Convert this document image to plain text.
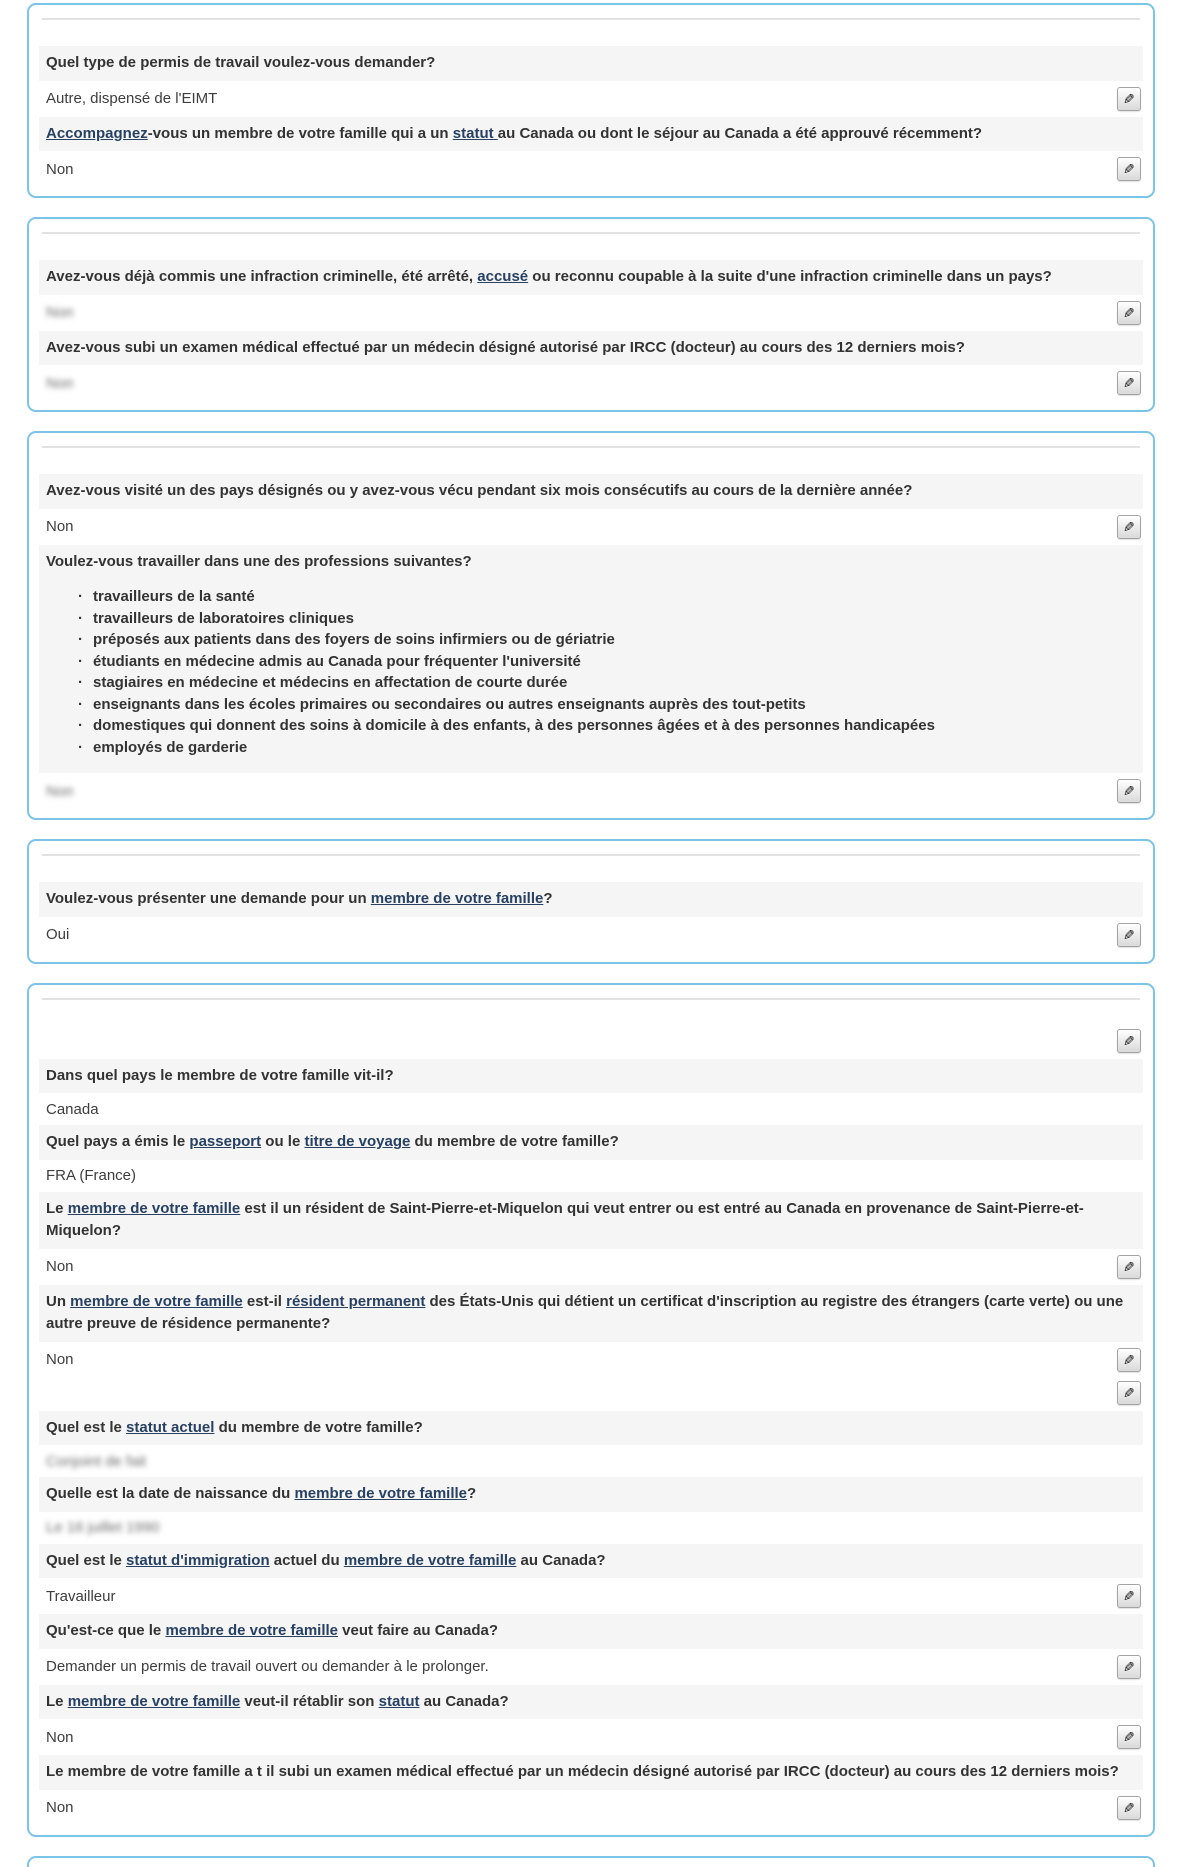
Quel type de permis de travail voulez-vous demander?
Autre, dispensé de l'EIMT	✎
Accompagnez-vous un membre de votre famille qui a un statut au Canada ou dont le séjour au Canada a été approuvé récemment?
Non	✎
Avez-vous déjà commis une infraction criminelle, été arrêté, accusé ou reconnu coupable à la suite d'une infraction criminelle dans un pays?
Non	✎
Avez-vous subi un examen médical effectué par un médecin désigné autorisé par IRCC (docteur) au cours des 12 derniers mois?
Non	✎
Avez-vous visité un des pays désignés ou y avez-vous vécu pendant six mois consécutifs au cours de la dernière année?
Non	✎
Voulez-vous travailler dans une des professions suivantes?
· travailleurs de la santé
· travailleurs de laboratoires cliniques
· préposés aux patients dans des foyers de soins infirmiers ou de gériatrie
· étudiants en médecine admis au Canada pour fréquenter l'université
· stagiaires en médecine et médecins en affectation de courte durée
· enseignants dans les écoles primaires ou secondaires ou autres enseignants auprès des tout-petits
· domestiques qui donnent des soins à domicile à des enfants, à des personnes âgées et à des personnes handicapées
· employés de garderie
Non	✎
Voulez-vous présenter une demande pour un membre de votre famille?
Oui	✎
✎
Dans quel pays le membre de votre famille vit-il?
Canada
Quel pays a émis le passeport ou le titre de voyage du membre de votre famille?
FRA (France)
Le membre de votre famille est il un résident de Saint-Pierre-et-Miquelon qui veut entrer ou est entré au Canada en provenance de Saint-Pierre-et-Miquelon?
Non	✎
Un membre de votre famille est-il résident permanent des États-Unis qui détient un certificat d'inscription au registre des étrangers (carte verte) ou une autre preuve de résidence permanente?
Non	✎
✎
Quel est le statut actuel du membre de votre famille?
Conjoint de fait
Quelle est la date de naissance du membre de votre famille?
Le 16 juillet 1990
Quel est le statut d'immigration actuel du membre de votre famille au Canada?
Travailleur	✎
Qu'est-ce que le membre de votre famille veut faire au Canada?
Demander un permis de travail ouvert ou demander à le prolonger.	✎
Le membre de votre famille veut-il rétablir son statut au Canada?
Non	✎
Le membre de votre famille a t il subi un examen médical effectué par un médecin désigné autorisé par IRCC (docteur) au cours des 12 derniers mois?
Non	✎
